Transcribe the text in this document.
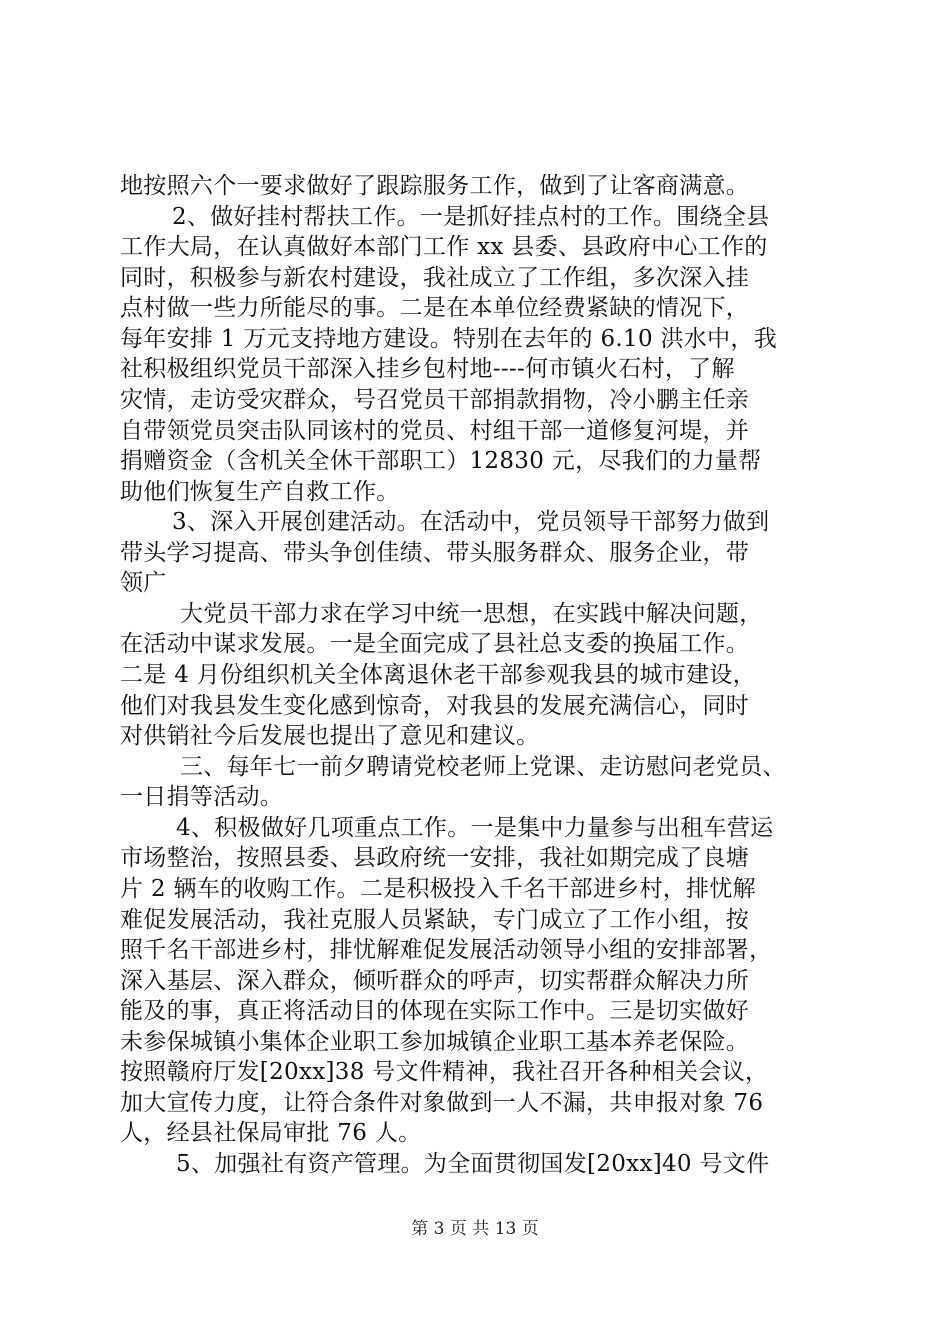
地按照六个一要求做好了跟踪服务工作，做到了让客商满意。
2、做好挂村帮扶工作。一是抓好挂点村的工作。围绕全县
工作大局，在认真做好本部门工作 xx 县委、县政府中心工作的
同时，积极参与新农村建设，我社成立了工作组，多次深入挂
点村做一些力所能尽的事。二是在本单位经费紧缺的情况下，
每年安排 1 万元支持地方建设。特别在去年的 6.10 洪水中，我
社积极组织党员干部深入挂乡包村地----何市镇火石村，了解
灾情，走访受灾群众，号召党员干部捐款捐物，冷小鹏主任亲
自带领党员突击队同该村的党员、村组干部一道修复河堤，并
捐赠资金（含机关全休干部职工）12830 元，尽我们的力量帮
助他们恢复生产自救工作。
3、深入开展创建活动。在活动中，党员领导干部努力做到
带头学习提高、带头争创佳绩、带头服务群众、服务企业，带
领广
大党员干部力求在学习中统一思想，在实践中解决问题，
在活动中谋求发展。一是全面完成了县社总支委的换届工作。
二是 4 月份组织机关全体离退休老干部参观我县的城市建设，
他们对我县发生变化感到惊奇，对我县的发展充满信心，同时
对供销社今后发展也提出了意见和建议。
三、每年七一前夕聘请党校老师上党课、走访慰问老党员、
一日捐等活动。
4、积极做好几项重点工作。一是集中力量参与出租车营运
市场整治，按照县委、县政府统一安排，我社如期完成了良塘
片 2 辆车的收购工作。二是积极投入千名干部进乡村，排忧解
难促发展活动，我社克服人员紧缺，专门成立了工作小组，按
照千名干部进乡村，排忧解难促发展活动领导小组的安排部署，
深入基层、深入群众，倾听群众的呼声，切实帮群众解决力所
能及的事，真正将活动目的体现在实际工作中。三是切实做好
未参保城镇小集体企业职工参加城镇企业职工基本养老保险。
按照赣府厅发[20xx]38 号文件精神，我社召开各种相关会议，
加大宣传力度，让符合条件对象做到一人不漏，共申报对象 76
人，经县社保局审批 76 人。
5、加强社有资产管理。为全面贯彻国发[20xx]40 号文件
第 3 页 共 13 页
